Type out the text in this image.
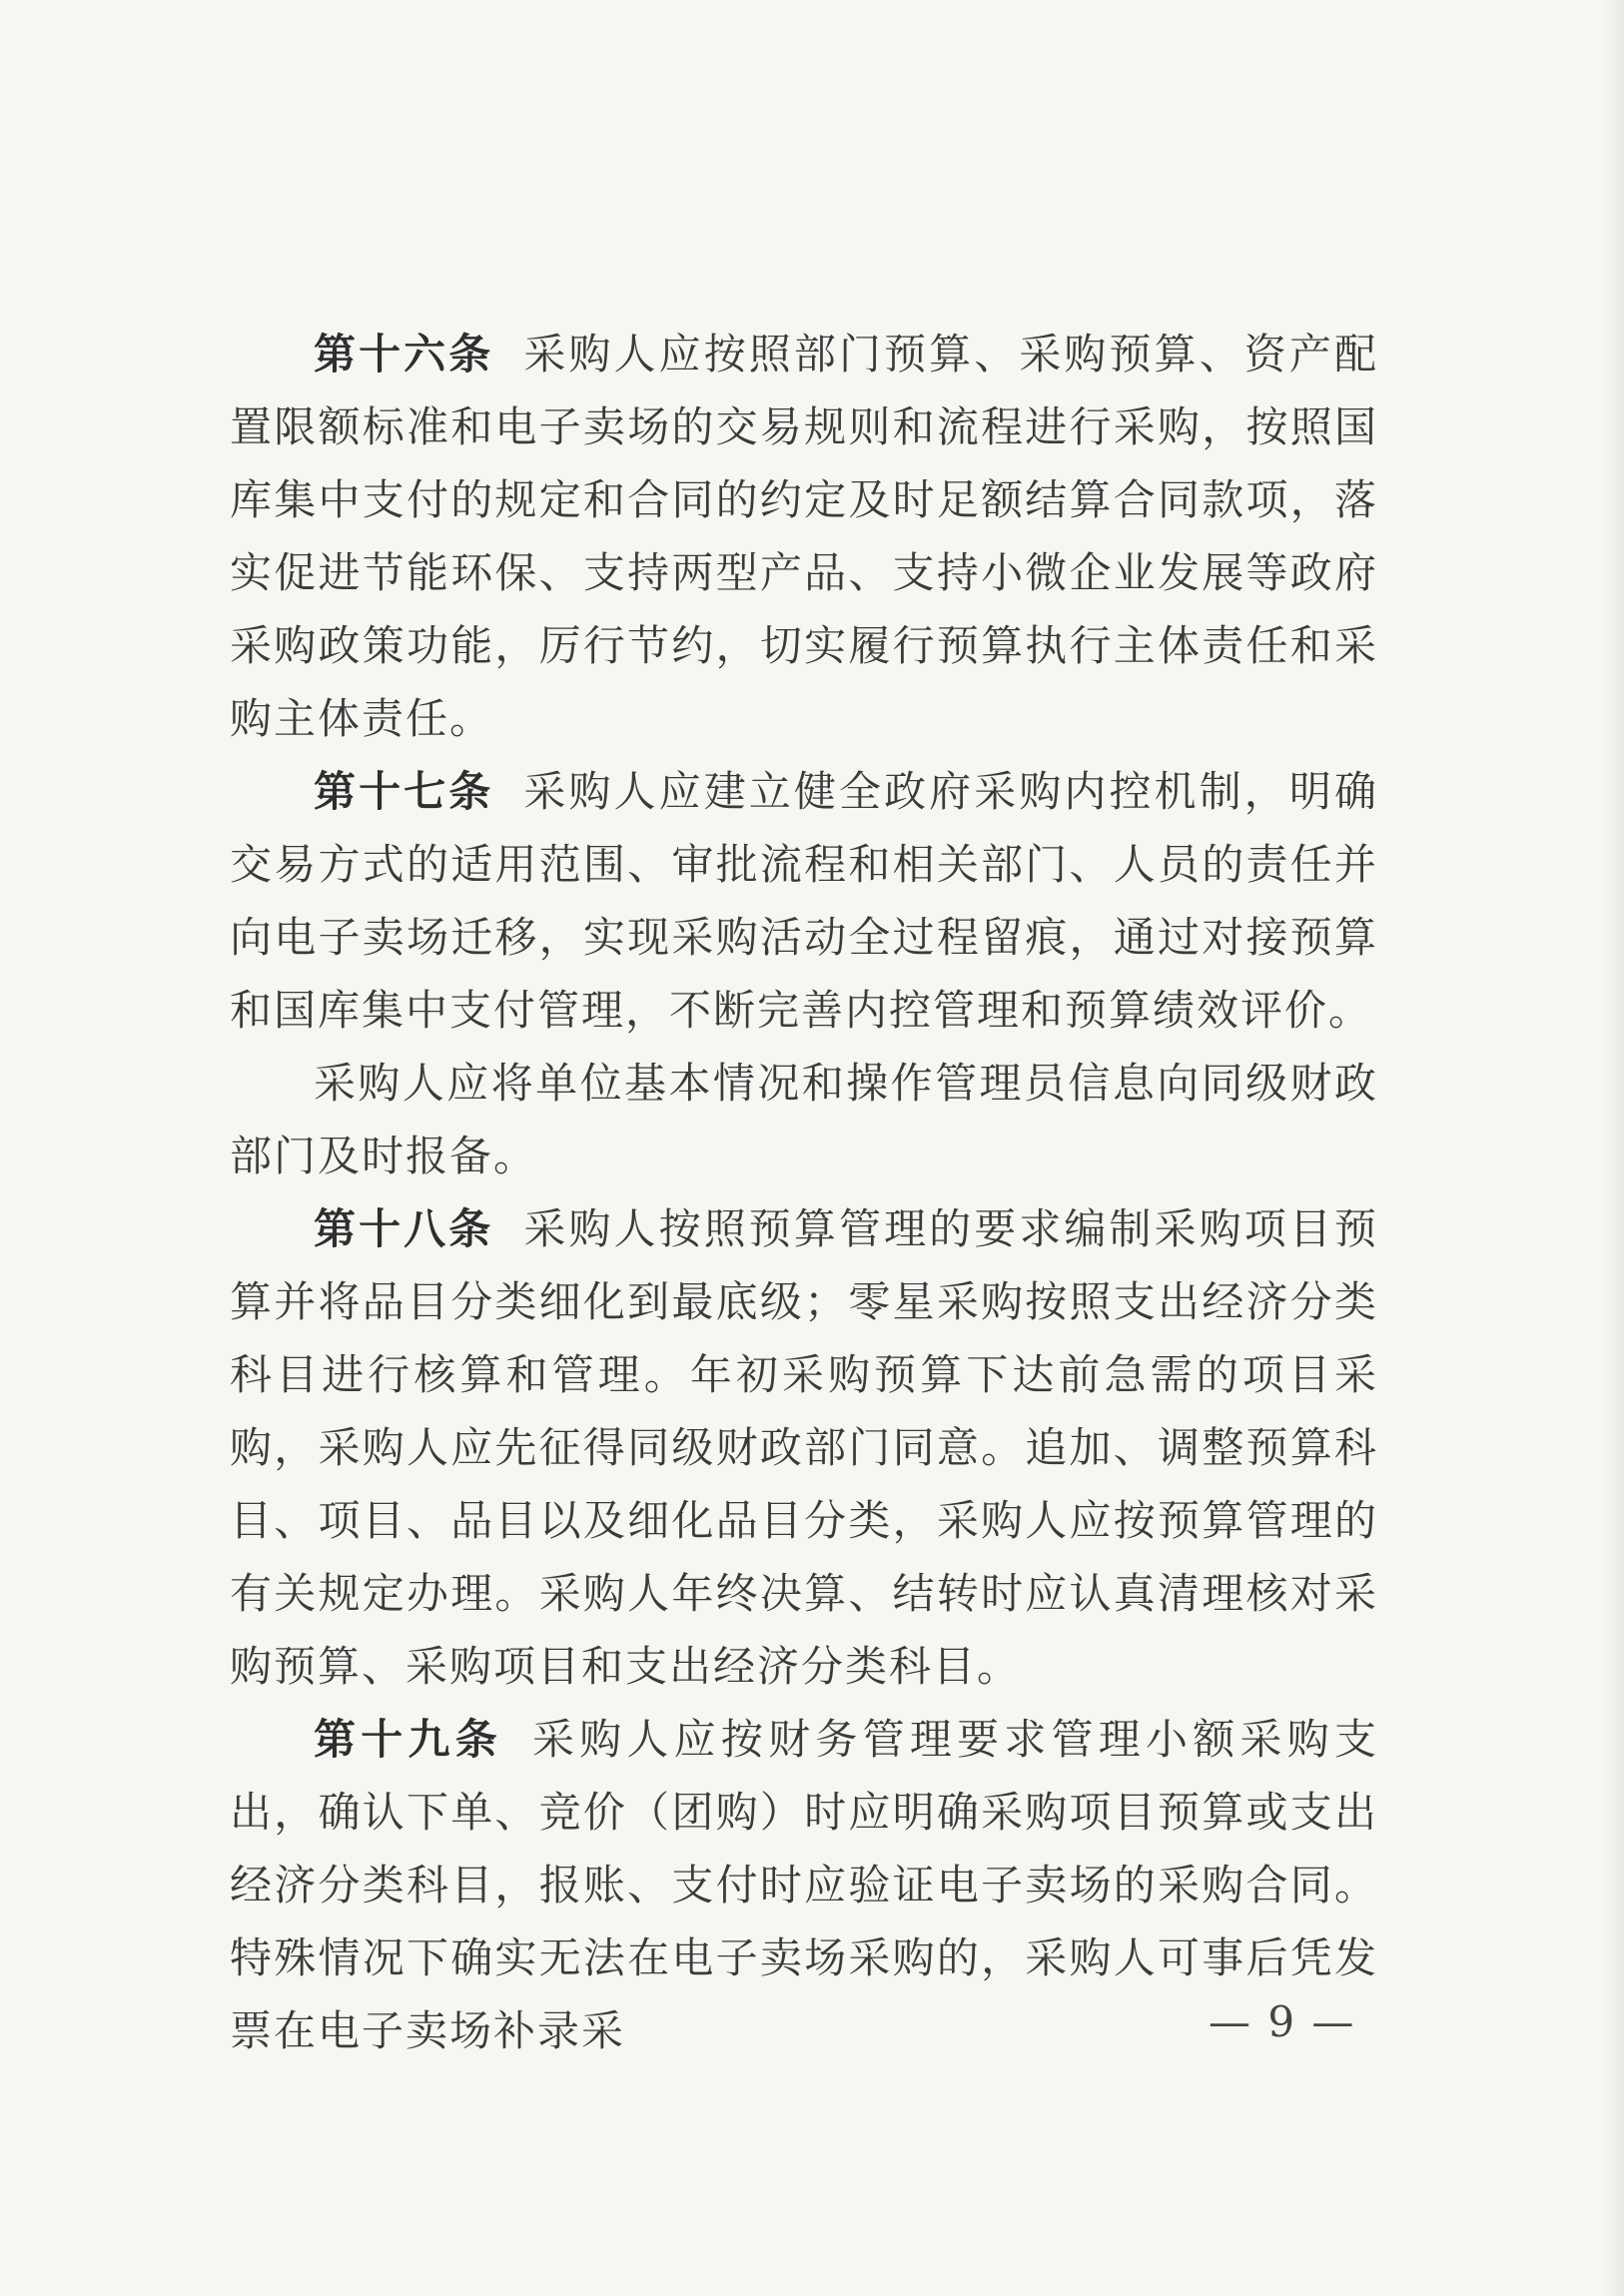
第十六条 采购人应按照部门预算、采购预算、资产配置限额标准和电子卖场的交易规则和流程进行采购，按照国库集中支付的规定和合同的约定及时足额结算合同款项，落实促进节能环保、支持两型产品、支持小微企业发展等政府采购政策功能，厉行节约，切实履行预算执行主体责任和采购主体责任。

第十七条 采购人应建立健全政府采购内控机制，明确交易方式的适用范围、审批流程和相关部门、人员的责任并向电子卖场迁移，实现采购活动全过程留痕，通过对接预算和国库集中支付管理，不断完善内控管理和预算绩效评价。

采购人应将单位基本情况和操作管理员信息向同级财政部门及时报备。

第十八条 采购人按照预算管理的要求编制采购项目预算并将品目分类细化到最底级；零星采购按照支出经济分类科目进行核算和管理。年初采购预算下达前急需的项目采购，采购人应先征得同级财政部门同意。追加、调整预算科目、项目、品目以及细化品目分类，采购人应按预算管理的有关规定办理。采购人年终决算、结转时应认真清理核对采购预算、采购项目和支出经济分类科目。

第十九条 采购人应按财务管理要求管理小额采购支出，确认下单、竞价（团购）时应明确采购项目预算或支出经济分类科目，报账、支付时应验证电子卖场的采购合同。特殊情况下确实无法在电子卖场采购的，采购人可事后凭发票在电子卖场补录采	— 9 —
